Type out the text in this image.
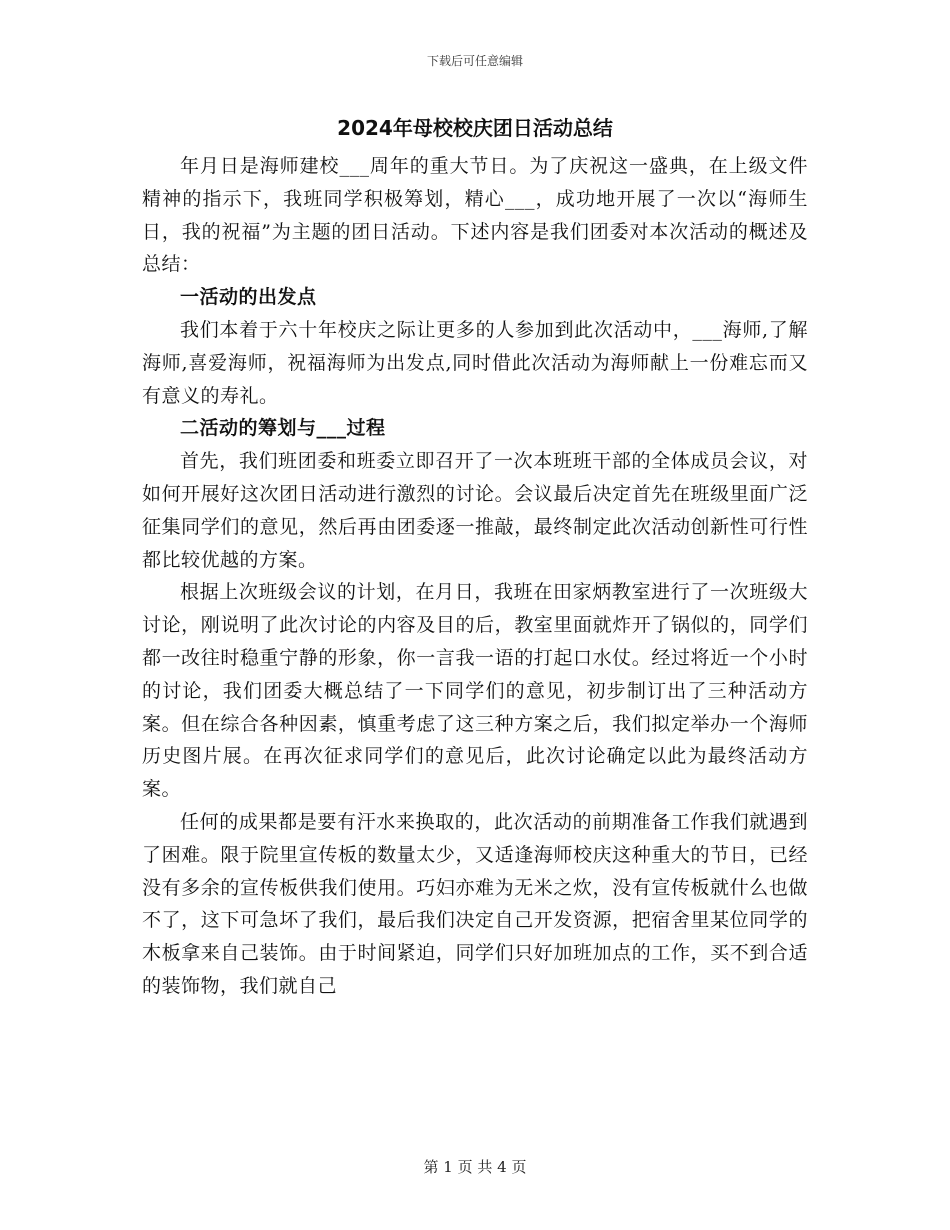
下载后可任意编辑
2024年母校校庆团日活动总结

年月日是海师建校___周年的重大节日。为了庆祝这一盛典，在上级文件精神的指示下，我班同学积极筹划，精心___，成功地开展了一次以“海师生日，我的祝福”为主题的团日活动。下述内容是我们团委对本次活动的概述及总结：

一活动的出发点

我们本着于六十年校庆之际让更多的人参加到此次活动中，___海师,了解海师,喜爱海师，祝福海师为出发点,同时借此次活动为海师献上一份难忘而又有意义的寿礼。

二活动的筹划与___过程

首先，我们班团委和班委立即召开了一次本班班干部的全体成员会议，对如何开展好这次团日活动进行激烈的讨论。会议最后决定首先在班级里面广泛征集同学们的意见，然后再由团委逐一推敲，最终制定此次活动创新性可行性都比较优越的方案。

根据上次班级会议的计划，在月日，我班在田家炳教室进行了一次班级大讨论，刚说明了此次讨论的内容及目的后，教室里面就炸开了锅似的，同学们都一改往时稳重宁静的形象，你一言我一语的打起口水仗。经过将近一个小时的讨论，我们团委大概总结了一下同学们的意见，初步制订出了三种活动方案。但在综合各种因素，慎重考虑了这三种方案之后，我们拟定举办一个海师历史图片展。在再次征求同学们的意见后，此次讨论确定以此为最终活动方案。

任何的成果都是要有汗水来换取的，此次活动的前期准备工作我们就遇到了困难。限于院里宣传板的数量太少，又适逢海师校庆这种重大的节日，已经没有多余的宣传板供我们使用。巧妇亦难为无米之炊，没有宣传板就什么也做不了，这下可急坏了我们，最后我们决定自己开发资源，把宿舍里某位同学的木板拿来自己装饰。由于时间紧迫，同学们只好加班加点的工作，买不到合适的装饰物，我们就自己

第 1 页 共 4 页
